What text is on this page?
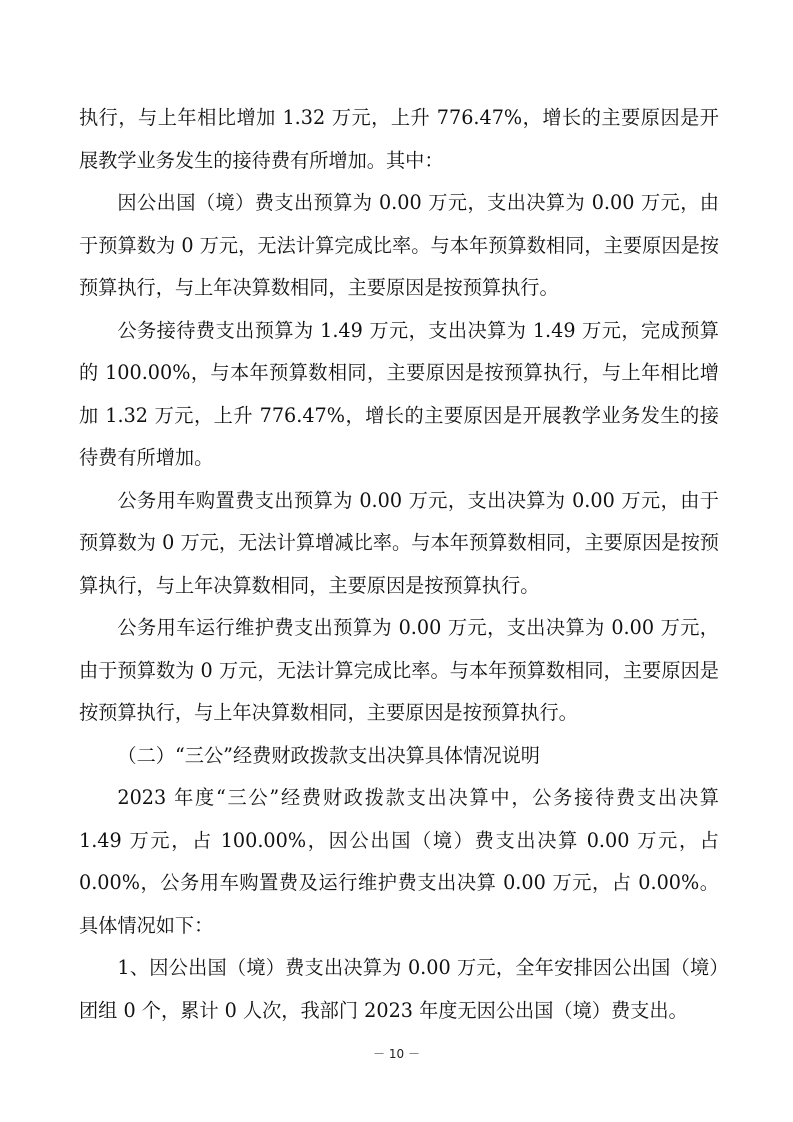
执行，与上年相比增加 1.32 万元，上升 776.47%，增长的主要原因是开展教学业务发生的接待费有所增加。其中：

因公出国（境）费支出预算为 0.00 万元，支出决算为 0.00 万元，由于预算数为 0 万元，无法计算完成比率。与本年预算数相同，主要原因是按预算执行，与上年决算数相同，主要原因是按预算执行。

公务接待费支出预算为 1.49 万元，支出决算为 1.49 万元，完成预算的 100.00%，与本年预算数相同，主要原因是按预算执行，与上年相比增加 1.32 万元，上升 776.47%，增长的主要原因是开展教学业务发生的接待费有所增加。

公务用车购置费支出预算为 0.00 万元，支出决算为 0.00 万元，由于预算数为 0 万元，无法计算增减比率。与本年预算数相同，主要原因是按预算执行，与上年决算数相同，主要原因是按预算执行。

公务用车运行维护费支出预算为 0.00 万元，支出决算为 0.00 万元，由于预算数为 0 万元，无法计算完成比率。与本年预算数相同，主要原因是按预算执行，与上年决算数相同，主要原因是按预算执行。

（二）“三公”经费财政拨款支出决算具体情况说明

2023 年度“三公”经费财政拨款支出决算中，公务接待费支出决算 1.49 万元，占 100.00%，因公出国（境）费支出决算 0.00 万元，占 0.00%，公务用车购置费及运行维护费支出决算 0.00 万元，占 0.00%。具体情况如下：

1、因公出国（境）费支出决算为 0.00 万元，全年安排因公出国（境）团组 0 个，累计 0 人次，我部门 2023 年度无因公出国（境）费支出。

－ 10 －
